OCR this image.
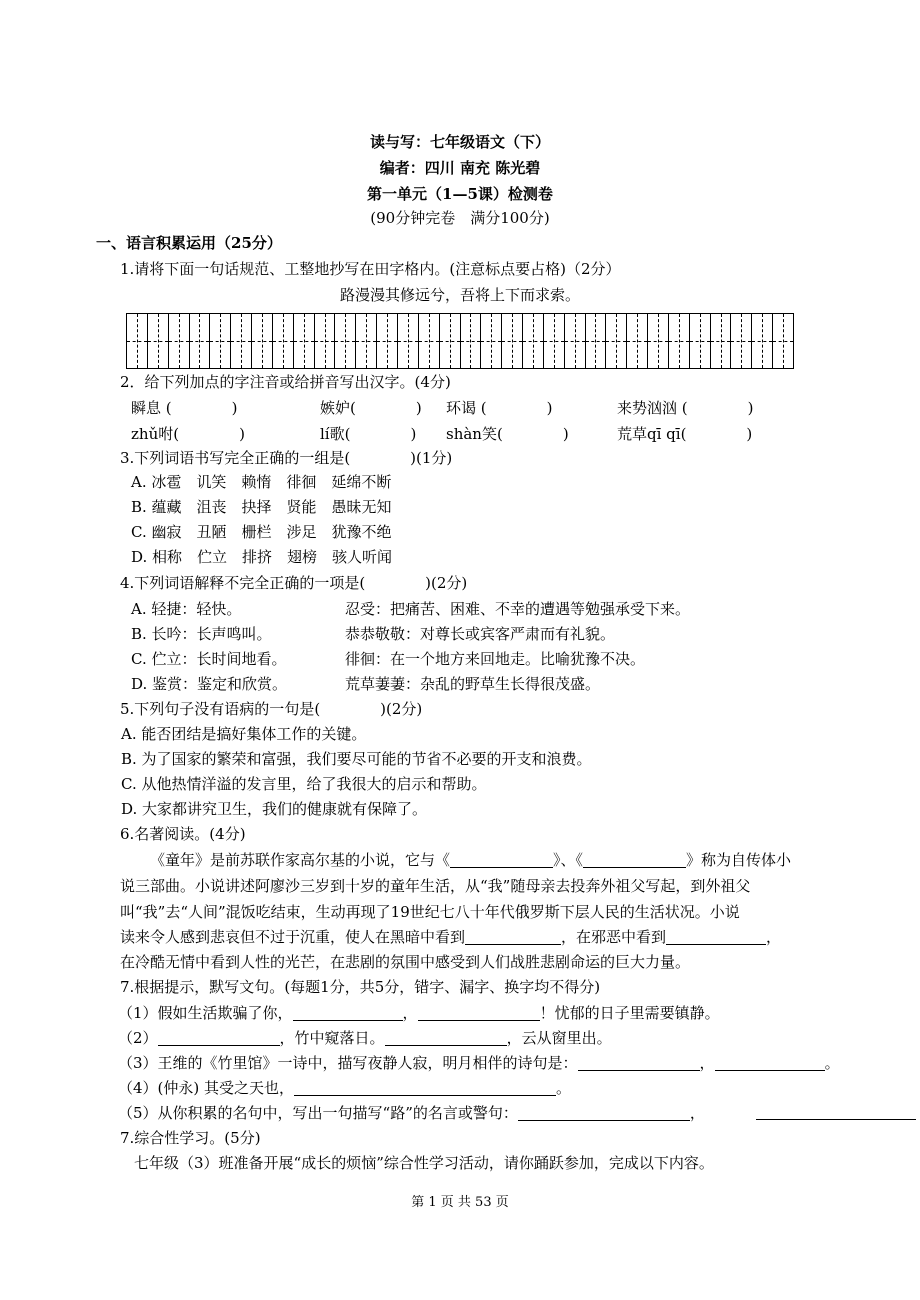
读与写：七年级语文（下）
编者：四川 南充 陈光碧
第一单元（1—5课）检测卷
(90分钟完卷　满分100分)
一、语言积累运用（25分）
1.请将下面一句话规范、工整地抄写在田字格内。(注意标点要占格)（2分）
路漫漫其修远兮，吾将上下而求索。
2．给下列加点的字注音或给拼音写出汉字。(4分)
瞬息 (　　　　)	嫉妒(　　　　) 环谒 (　　　　)	来势汹汹 (　　　　)
zhǔ咐(　　　　)	lí歌(　　　　) shàn笑(　　　　)	荒草qī qī(　　　　)
3.下列词语书写完全正确的一组是(　　　　)(1分)
A. 冰雹　讥笑　赖惰　徘徊　延绵不断
B. 蕴藏　沮丧　抉择　贤能　愚昧无知
C. 幽寂　丑陋　栅栏　涉足　犹豫不绝
D. 相称　伫立　排挤　翅榜　骇人听闻
4.下列词语解释不完全正确的一项是(　　　　)(2分)
A. 轻捷：轻快。	忍受：把痛苦、困难、不幸的遭遇等勉强承受下来。
B. 长吟：长声鸣叫。	恭恭敬敬：对尊长或宾客严肃而有礼貌。
C. 伫立：长时间地看。	徘徊：在一个地方来回地走。比喻犹豫不决。
D. 鉴赏：鉴定和欣赏。	荒草萋萋：杂乱的野草生长得很茂盛。
5.下列句子没有语病的一句是(　　　　)(2分)
A. 能否团结是搞好集体工作的关键。
B. 为了国家的繁荣和富强，我们要尽可能的节省不必要的开支和浪费。
C. 从他热情洋溢的发言里，给了我很大的启示和帮助。
D. 大家都讲究卫生，我们的健康就有保障了。
6.名著阅读。(4分)
《童年》是前苏联作家高尔基的小说，它与《	》、《	》称为自传体小
说三部曲。小说讲述阿廖沙三岁到十岁的童年生活，从“我”随母亲去投奔外祖父写起，到外祖父
叫“我”去“人间”混饭吃结束，生动再现了19世纪七八十年代俄罗斯下层人民的生活状况。小说
读来令人感到悲哀但不过于沉重，使人在黑暗中看到	，在邪恶中看到	，
在冷酷无情中看到人性的光芒，在悲剧的氛围中感受到人们战胜悲剧命运的巨大力量。
7.根据提示，默写文句。(每题1分，共5分，错字、漏字、换字均不得分)
（1）假如生活欺骗了你，	，	！忧郁的日子里需要镇静。
（2）	，竹中窥落日。	，云从窗里出。
（3）王维的《竹里馆》一诗中，描写夜静人寂，明月相伴的诗句是：	，	。
（4）(仲永) 其受之天也，	。
（5）从你积累的名句中，写出一句描写“路”的名言或警句：	，
7.综合性学习。(5分)
七年级（3）班准备开展“成长的烦恼”综合性学习活动，请你踊跃参加，完成以下内容。
第 1 页 共 53 页
